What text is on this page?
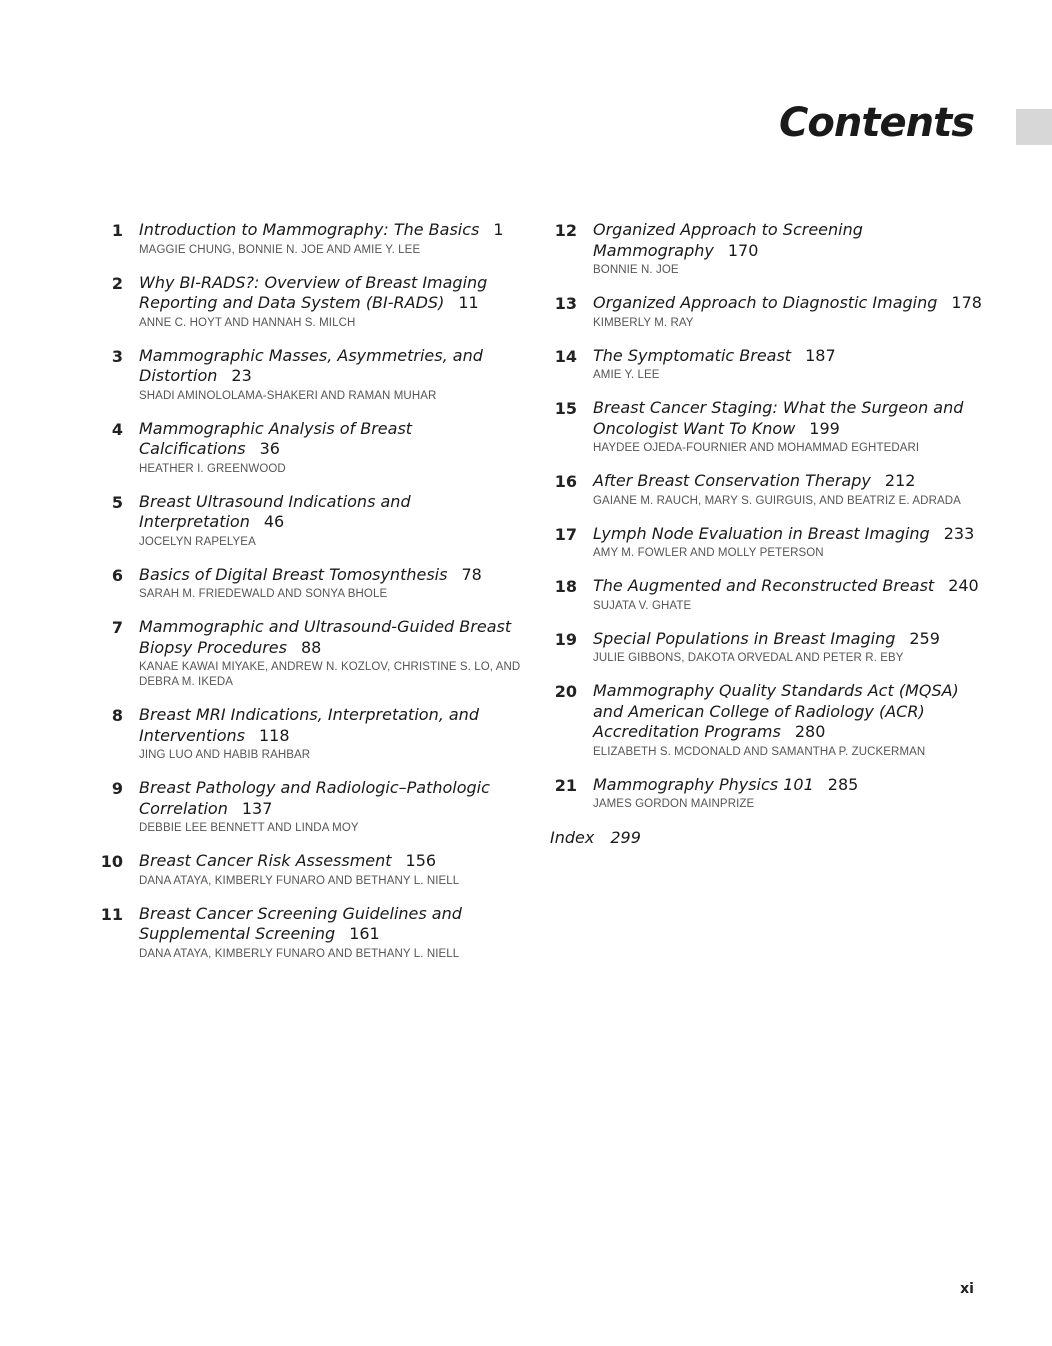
Contents
1 Introduction to Mammography: The Basics 1
MAGGIE CHUNG, BONNIE N. JOE AND AMIE Y. LEE
2 Why BI-RADS?: Overview of Breast Imaging Reporting and Data System (BI-RADS) 11
ANNE C. HOYT AND HANNAH S. MILCH
3 Mammographic Masses, Asymmetries, and Distortion 23
SHADI AMINOLOLAMA-SHAKERI AND RAMAN MUHAR
4 Mammographic Analysis of Breast Calcifications 36
HEATHER I. GREENWOOD
5 Breast Ultrasound Indications and Interpretation 46
JOCELYN RAPELYEA
6 Basics of Digital Breast Tomosynthesis 78
SARAH M. FRIEDEWALD AND SONYA BHOLE
7 Mammographic and Ultrasound-Guided Breast Biopsy Procedures 88
KANAE KAWAI MIYAKE, ANDREW N. KOZLOV, CHRISTINE S. LO, AND DEBRA M. IKEDA
8 Breast MRI Indications, Interpretation, and Interventions 118
JING LUO AND HABIB RAHBAR
9 Breast Pathology and Radiologic–Pathologic Correlation 137
DEBBIE LEE BENNETT AND LINDA MOY
10 Breast Cancer Risk Assessment 156
DANA ATAYA, KIMBERLY FUNARO AND BETHANY L. NIELL
11 Breast Cancer Screening Guidelines and Supplemental Screening 161
DANA ATAYA, KIMBERLY FUNARO AND BETHANY L. NIELL
12 Organized Approach to Screening Mammography 170
BONNIE N. JOE
13 Organized Approach to Diagnostic Imaging 178
KIMBERLY M. RAY
14 The Symptomatic Breast 187
AMIE Y. LEE
15 Breast Cancer Staging: What the Surgeon and Oncologist Want To Know 199
HAYDEE OJEDA-FOURNIER AND MOHAMMAD EGHTEDARI
16 After Breast Conservation Therapy 212
GAIANE M. RAUCH, MARY S. GUIRGUIS, AND BEATRIZ E. ADRADA
17 Lymph Node Evaluation in Breast Imaging 233
AMY M. FOWLER AND MOLLY PETERSON
18 The Augmented and Reconstructed Breast 240
SUJATA V. GHATE
19 Special Populations in Breast Imaging 259
JULIE GIBBONS, DAKOTA ORVEDAL AND PETER R. EBY
20 Mammography Quality Standards Act (MQSA) and American College of Radiology (ACR) Accreditation Programs 280
ELIZABETH S. MCDONALD AND SAMANTHA P. ZUCKERMAN
21 Mammography Physics 101 285
JAMES GORDON MAINPRIZE
Index 299
xi
